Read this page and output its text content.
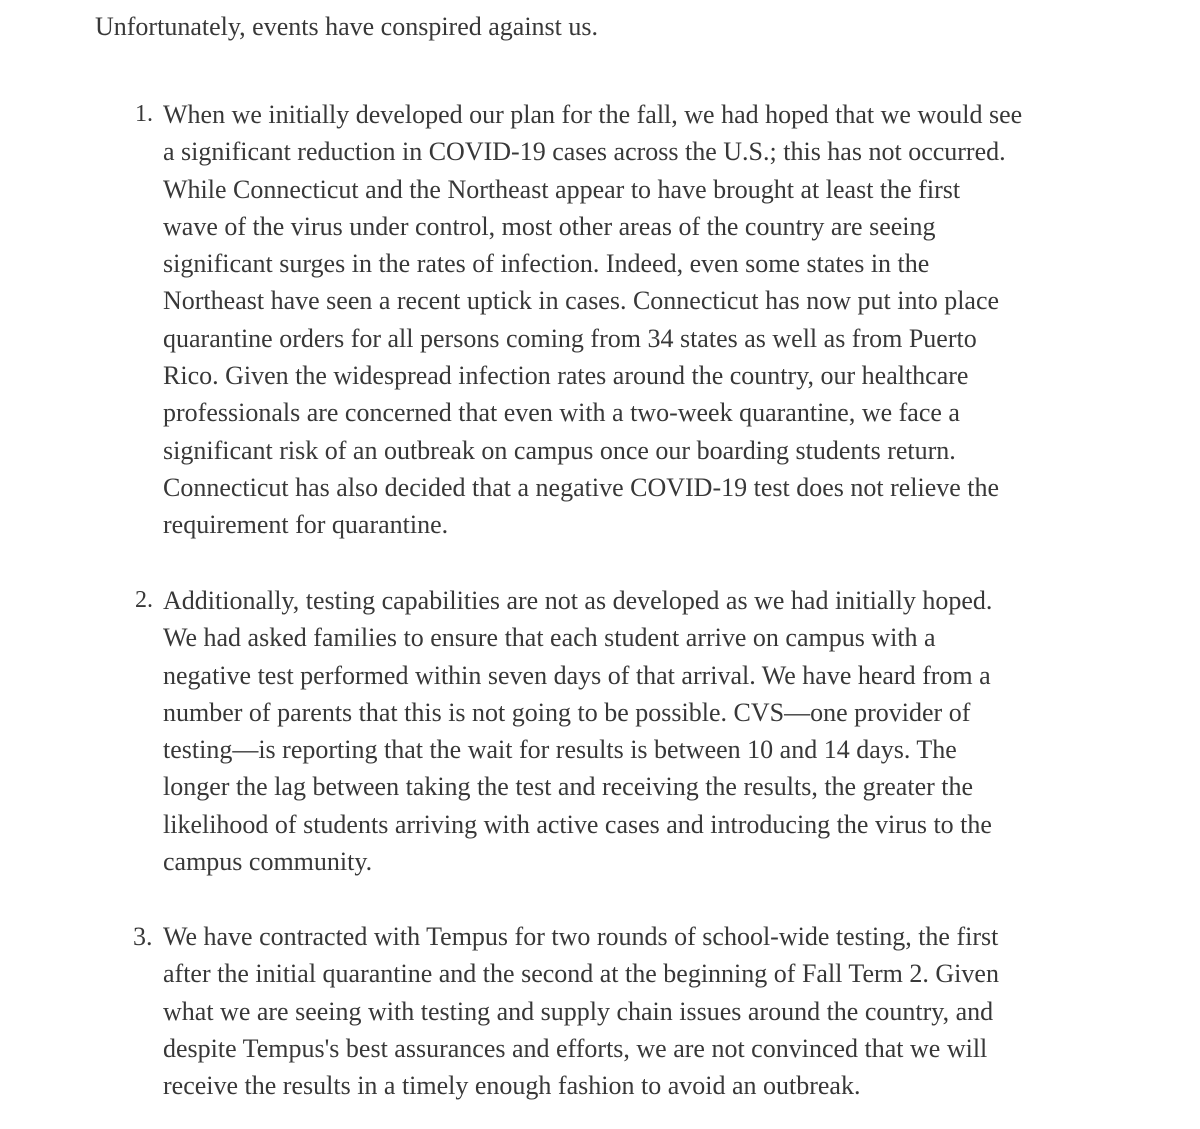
Unfortunately, events have conspired against us.

1. When we initially developed our plan for the fall, we had hoped that we would see
a significant reduction in COVID-19 cases across the U.S.; this has not occurred.
While Connecticut and the Northeast appear to have brought at least the first
wave of the virus under control, most other areas of the country are seeing
significant surges in the rates of infection. Indeed, even some states in the
Northeast have seen a recent uptick in cases. Connecticut has now put into place
quarantine orders for all persons coming from 34 states as well as from Puerto
Rico. Given the widespread infection rates around the country, our healthcare
professionals are concerned that even with a two-week quarantine, we face a
significant risk of an outbreak on campus once our boarding students return.
Connecticut has also decided that a negative COVID-19 test does not relieve the
requirement for quarantine.
2. Additionally, testing capabilities are not as developed as we had initially hoped.
We had asked families to ensure that each student arrive on campus with a
negative test performed within seven days of that arrival. We have heard from a
number of parents that this is not going to be possible. CVS—one provider of
testing—is reporting that the wait for results is between 10 and 14 days. The
longer the lag between taking the test and receiving the results, the greater the
likelihood of students arriving with active cases and introducing the virus to the
campus community.
3. We have contracted with Tempus for two rounds of school-wide testing, the first
after the initial quarantine and the second at the beginning of Fall Term 2. Given
what we are seeing with testing and supply chain issues around the country, and
despite Tempus's best assurances and efforts, we are not convinced that we will
receive the results in a timely enough fashion to avoid an outbreak.
